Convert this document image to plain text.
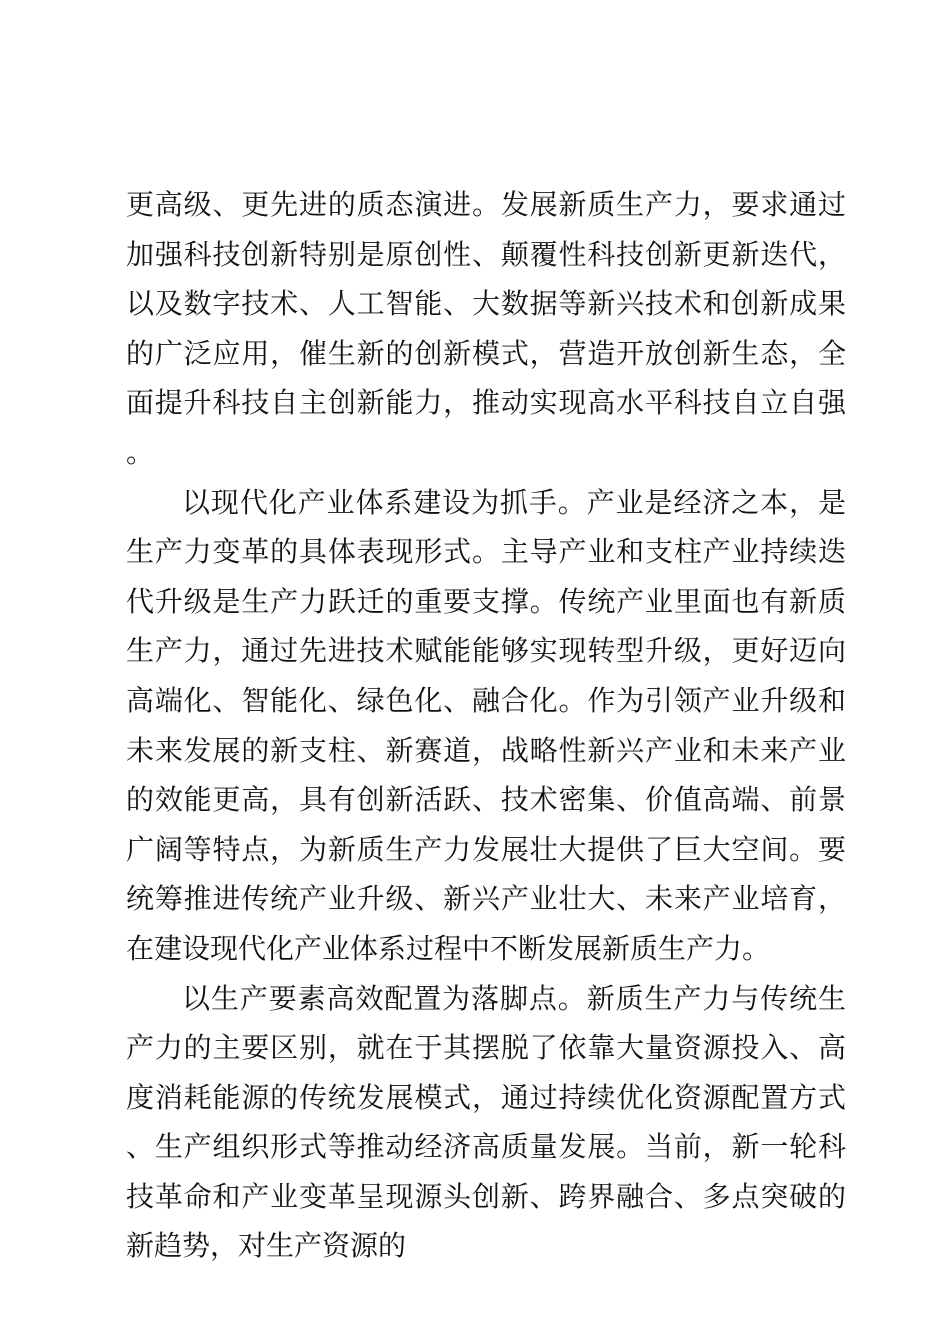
更高级、更先进的质态演进。发展新质生产力，要求通过加强科技创新特别是原创性、颠覆性科技创新更新迭代，以及数字技术、人工智能、大数据等新兴技术和创新成果的广泛应用，催生新的创新模式，营造开放创新生态，全面提升科技自主创新能力，推动实现高水平科技自立自强。

以现代化产业体系建设为抓手。产业是经济之本，是生产力变革的具体表现形式。主导产业和支柱产业持续迭代升级是生产力跃迁的重要支撑。传统产业里面也有新质生产力，通过先进技术赋能能够实现转型升级，更好迈向高端化、智能化、绿色化、融合化。作为引领产业升级和未来发展的新支柱、新赛道，战略性新兴产业和未来产业的效能更高，具有创新活跃、技术密集、价值高端、前景广阔等特点，为新质生产力发展壮大提供了巨大空间。要统筹推进传统产业升级、新兴产业壮大、未来产业培育，在建设现代化产业体系过程中不断发展新质生产力。

以生产要素高效配置为落脚点。新质生产力与传统生产力的主要区别，就在于其摆脱了依靠大量资源投入、高度消耗能源的传统发展模式，通过持续优化资源配置方式、生产组织形式等推动经济高质量发展。当前，新一轮科技革命和产业变革呈现源头创新、跨界融合、多点突破的新趋势，对生产资源的
